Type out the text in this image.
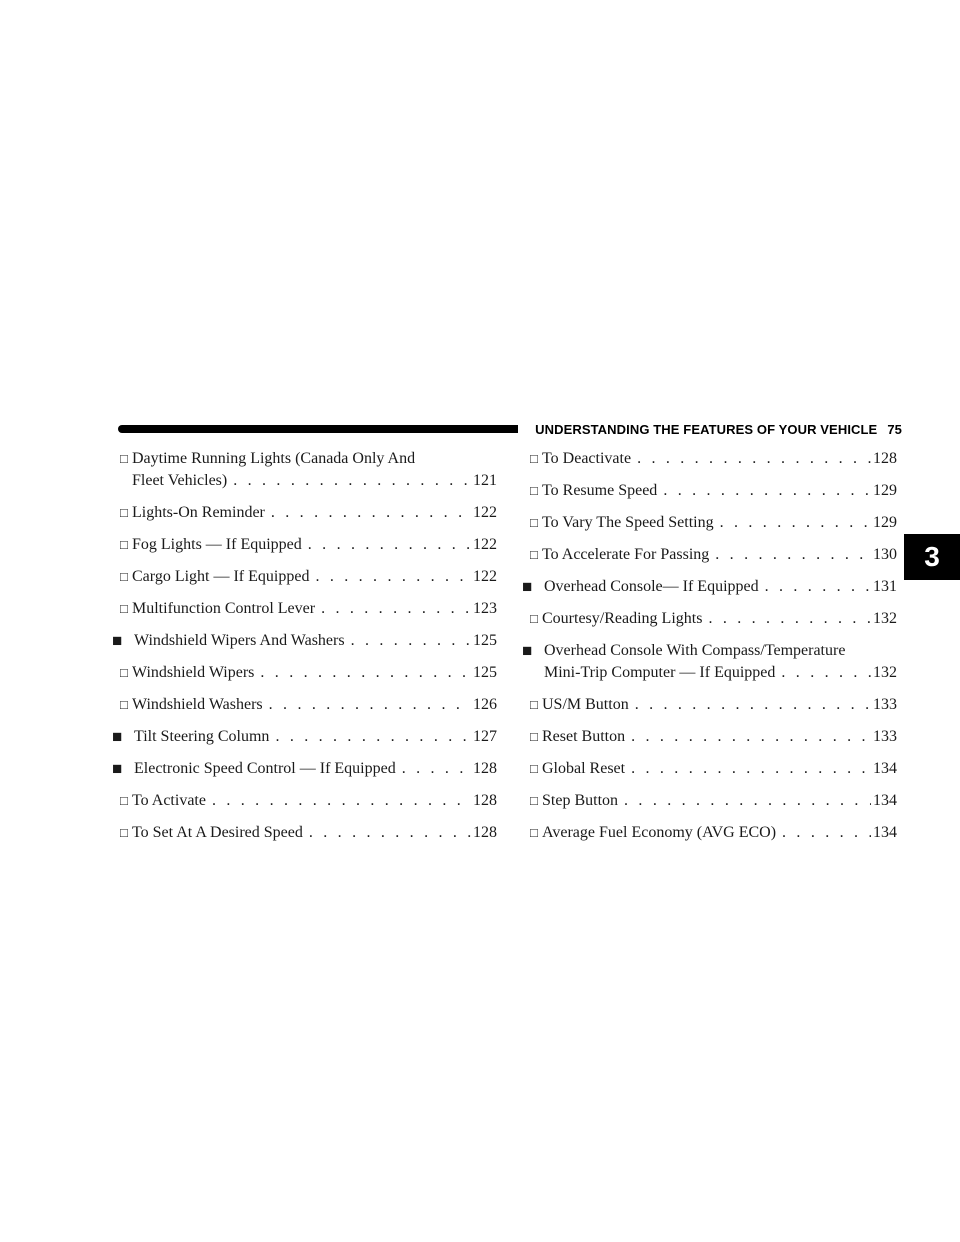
UNDERSTANDING THE FEATURES OF YOUR VEHICLE 75
3
□ Daytime Running Lights (Canada Only And
Fleet Vehicles) . . .	121
□ Lights-On Reminder . . .	122
□ Fog Lights — If Equipped . . .	122
□ Cargo Light — If Equipped . . .	122
□ Multifunction Control Lever . . .	123
■ Windshield Wipers And Washers . . .	125
□ Windshield Wipers . . .	125
□ Windshield Washers . . .	126
■ Tilt Steering Column . . .	127
■ Electronic Speed Control — If Equipped . . .	128
□ To Activate . . .	128
□ To Set At A Desired Speed . . .	128
□ To Deactivate . . .	128
□ To Resume Speed . . .	129
□ To Vary The Speed Setting . . .	129
□ To Accelerate For Passing . . .	130
■ Overhead Console— If Equipped . . .	131
□ Courtesy/Reading Lights . . .	132
■ Overhead Console With Compass/Temperature
Mini-Trip Computer — If Equipped . . .	132
□ US/M Button . . .	133
□ Reset Button . . .	133
□ Global Reset . . .	134
□ Step Button . . .	134
□ Average Fuel Economy (AVG ECO) . . .	134
